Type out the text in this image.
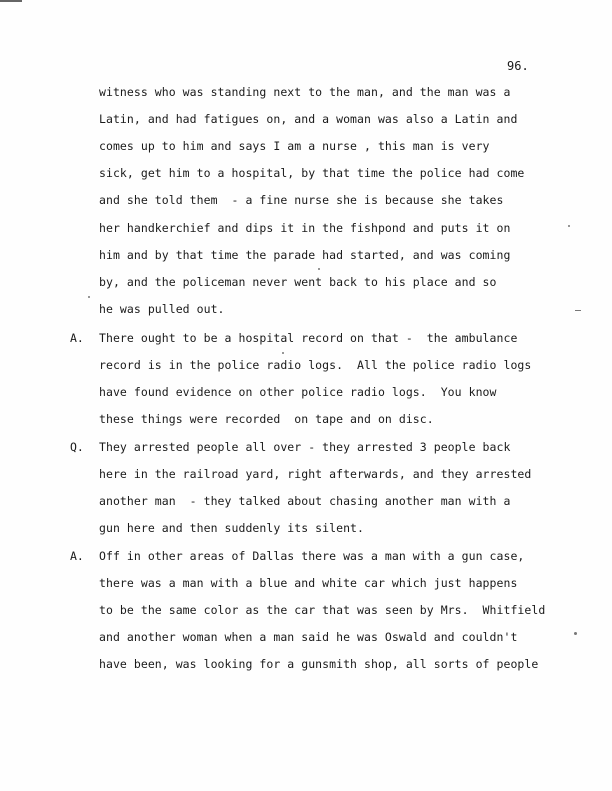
96.
witness who was standing next to the man, and the man was a
Latin, and had fatigues on, and a woman was also a Latin and
comes up to him and says I am a nurse , this man is very
sick, get him to a hospital, by that time the police had come
and she told them  - a fine nurse she is because she takes
her handkerchief and dips it in the fishpond and puts it on
him and by that time the parade had started, and was coming
by, and the policeman never went back to his place and so
he was pulled out.
A. There ought to be a hospital record on that -  the ambulance
record is in the police radio logs.  All the police radio logs
have found evidence on other police radio logs.  You know
these things were recorded  on tape and on disc.
Q. They arrested people all over - they arrested 3 people back
here in the railroad yard, right afterwards, and they arrested
another man  - they talked about chasing another man with a
gun here and then suddenly its silent.
A. Off in other areas of Dallas there was a man with a gun case,
there was a man with a blue and white car which just happens
to be the same color as the car that was seen by Mrs.  Whitfield
and another woman when a man said he was Oswald and couldn't
have been, was looking for a gunsmith shop, all sorts of people
